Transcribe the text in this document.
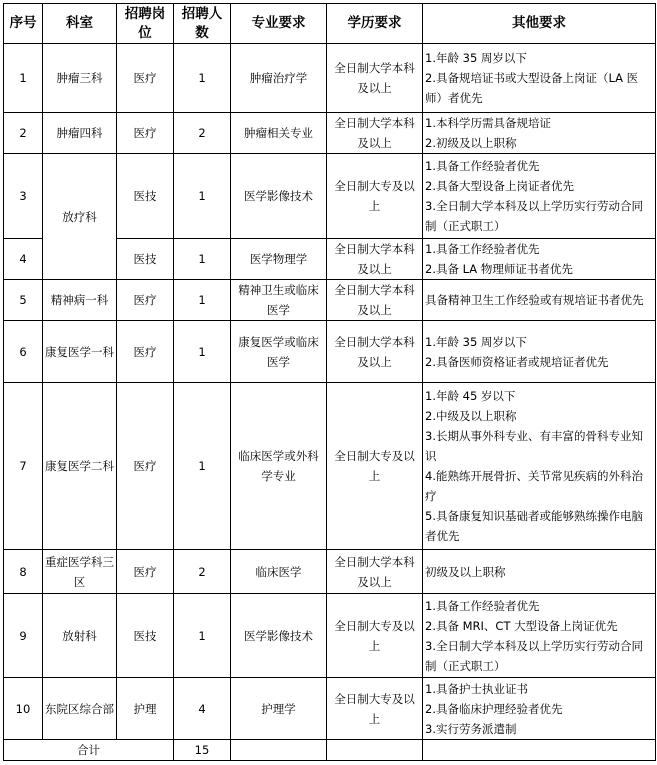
序号	科室	招聘岗位	招聘人数	专业要求	学历要求	其他要求
1	肿瘤三科	医疗	1	肿瘤治疗学	全日制大学本科及以上	1.年龄 35 周岁以下
2.具备规培证书或大型设备上岗证（LA 医师）者优先

2	肿瘤四科	医疗	2	肿瘤相关专业	全日制大学本科及以上	1.本科学历需具备规培证
2.初级及以上职称

3	放疗科	医技	1	医学影像技术	全日制大专及以上	1.具备工作经验者优先
2.具备大型设备上岗证者优先
3.全日制大学本科及以上学历实行劳动合同制（正式职工）

4		医技	1	医学物理学	全日制大学本科及以上	1.具备工作经验者优先
2.具备 LA 物理师证书者优先

5	精神病一科	医疗	1	精神卫生或临床医学	全日制大学本科及以上	具备精神卫生工作经验或有规培证书者优先

6	康复医学一科	医疗	1	康复医学或临床医学	全日制大学本科及以上	1.年龄 35 周岁以下
2.具备医师资格证者或规培证者优先

7	康复医学二科	医疗	1	临床医学或外科学专业	全日制大专及以上	1.年龄 45 岁以下
2.中级及以上职称
3.长期从事外科专业、有丰富的骨科专业知识
4.能熟练开展骨折、关节常见疾病的外科治疗
5.具备康复知识基础者或能够熟练操作电脑者优先

8	重症医学科三区	医疗	2	临床医学	全日制大学本科及以上	初级及以上职称

9	放射科	医技	1	医学影像技术	全日制大专及以上	1.具备工作经验者优先
2.具备 MRI、CT 大型设备上岗证优先
3.全日制大学本科及以上学历实行劳动合同制（正式职工）

10	东院区综合部	护理	4	护理学	全日制大专及以上	1.具备护士执业证书
2.具备临床护理经验者优先
3.实行劳务派遣制

合计			15			
